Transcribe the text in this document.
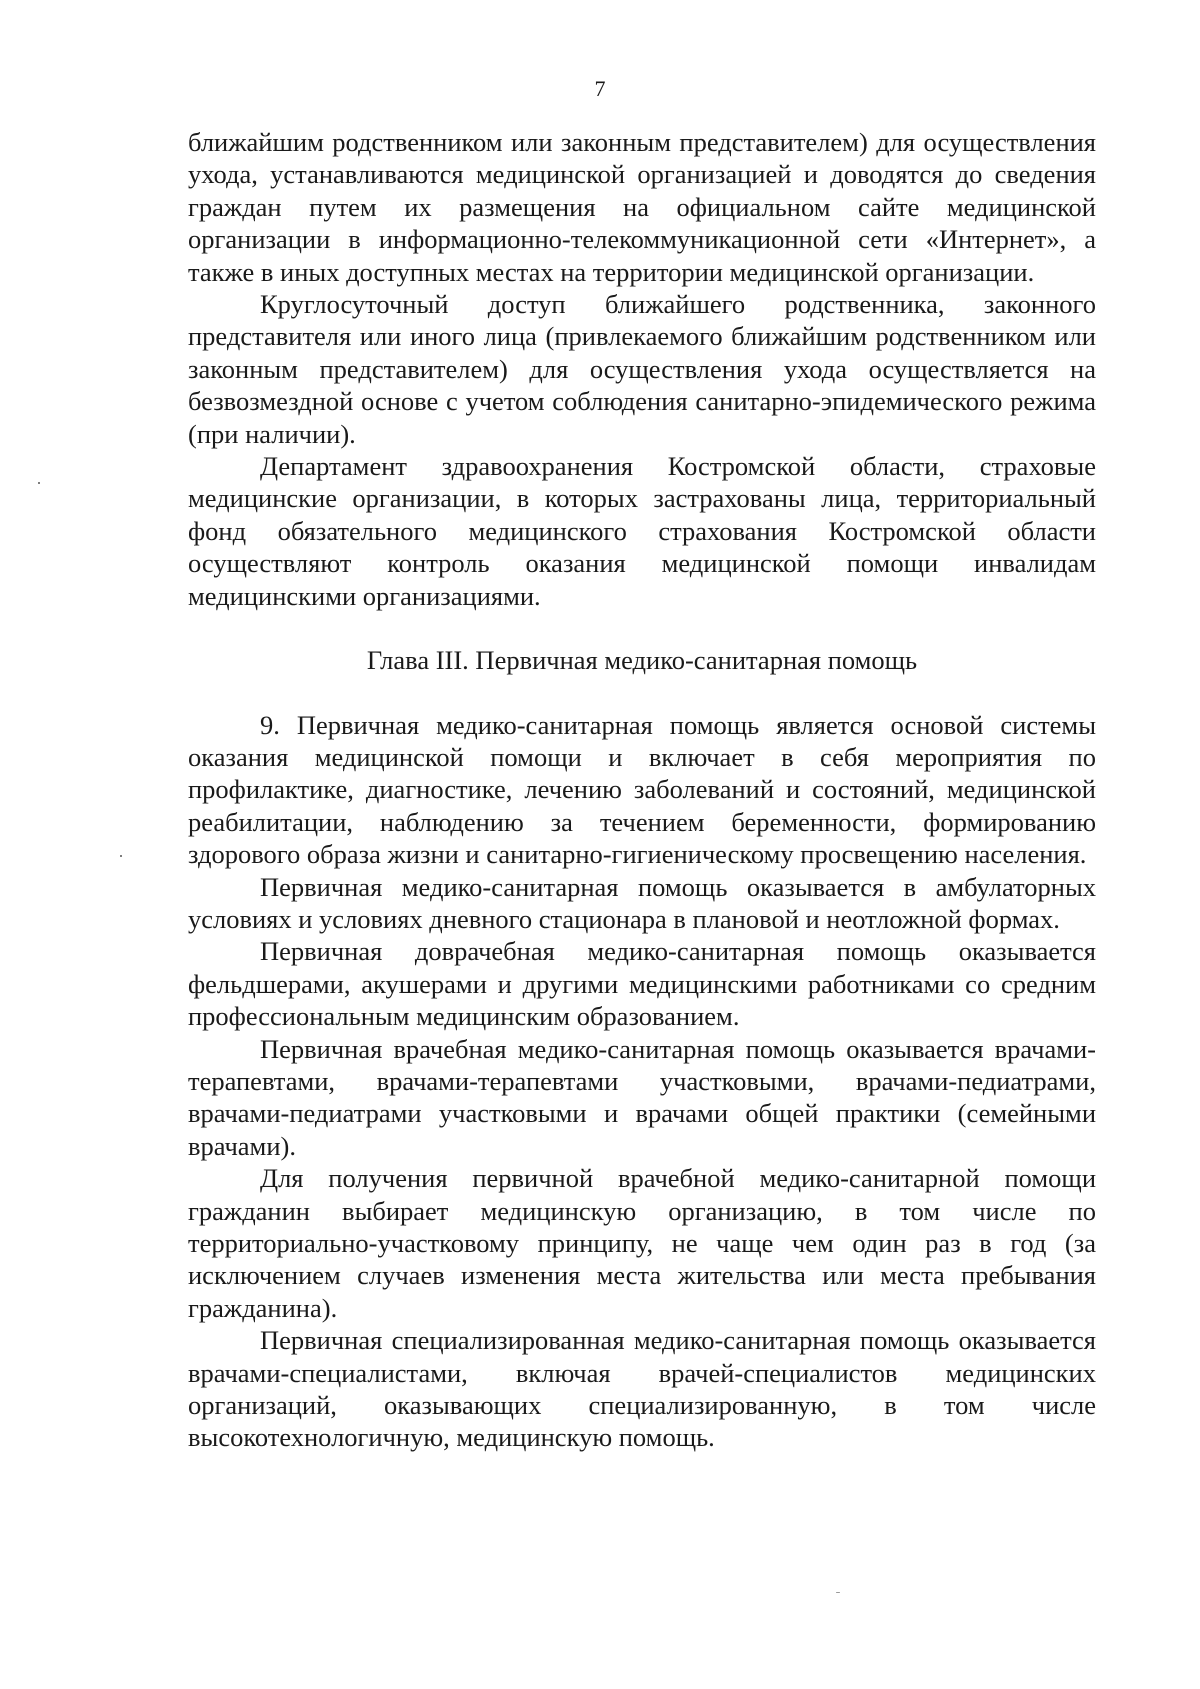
7

ближайшим родственником или законным представителем) для осуществления ухода, устанавливаются медицинской организацией и доводятся до сведения граждан путем их размещения на официальном сайте медицинской организации в информационно-телекоммуникационной сети «Интернет», а также в иных доступных местах на территории медицинской организации.

Круглосуточный доступ ближайшего родственника, законного представителя или иного лица (привлекаемого ближайшим родственником или законным представителем) для осуществления ухода осуществляется на безвозмездной основе с учетом соблюдения санитарно-эпидемического режима (при наличии).

Департамент здравоохранения Костромской области, страховые медицинские организации, в которых застрахованы лица, территориальный фонд обязательного медицинского страхования Костромской области осуществляют контроль оказания медицинской помощи инвалидам медицинскими организациями.

Глава III. Первичная медико-санитарная помощь

9. Первичная медико-санитарная помощь является основой системы оказания медицинской помощи и включает в себя мероприятия по профилактике, диагностике, лечению заболеваний и состояний, медицинской реабилитации, наблюдению за течением беременности, формированию здорового образа жизни и санитарно-гигиеническому просвещению населения.

Первичная медико-санитарная помощь оказывается в амбулаторных условиях и условиях дневного стационара в плановой и неотложной формах.

Первичная доврачебная медико-санитарная помощь оказывается фельдшерами, акушерами и другими медицинскими работниками со средним профессиональным медицинским образованием.

Первичная врачебная медико-санитарная помощь оказывается врачами-терапевтами, врачами-терапевтами участковыми, врачами-педиатрами, врачами-педиатрами участковыми и врачами общей практики (семейными врачами).

Для получения первичной врачебной медико-санитарной помощи гражданин выбирает медицинскую организацию, в том числе по территориально-участковому принципу, не чаще чем один раз в год (за исключением случаев изменения места жительства или места пребывания гражданина).

Первичная специализированная медико-санитарная помощь оказывается врачами-специалистами, включая врачей-специалистов медицинских организаций, оказывающих специализированную, в том числе высокотехнологичную, медицинскую помощь.
